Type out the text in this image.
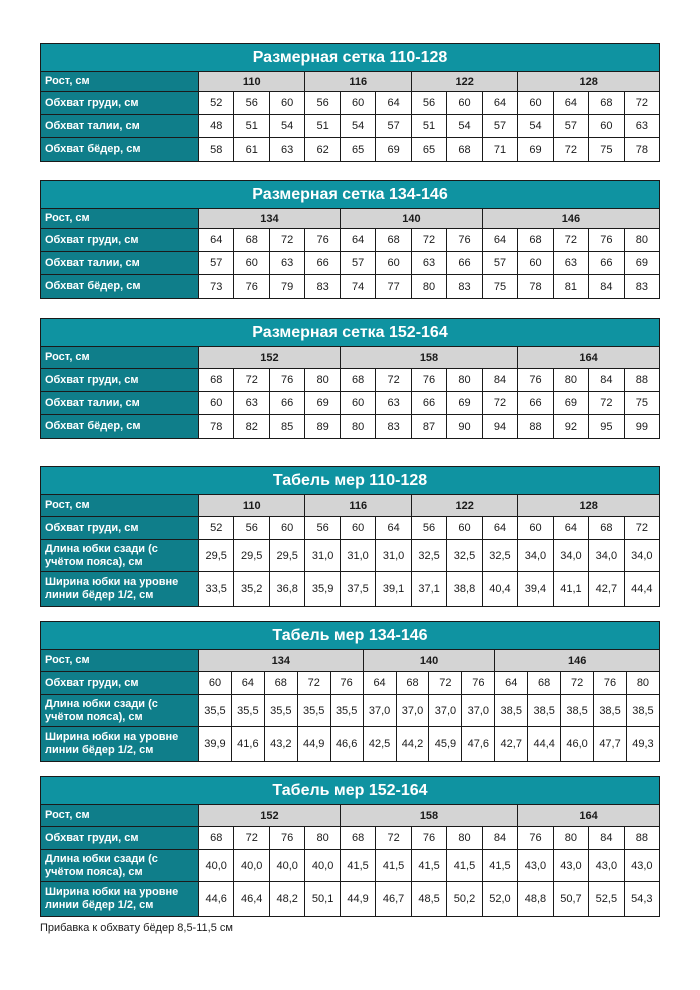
Размерная сетка 110-128
Рост, см	110	116	122	128
Обхват груди, см	52	56	60	56	60	64	56	60	64	60	64	68	72
Обхват талии, см	48	51	54	51	54	57	51	54	57	54	57	60	63
Обхват бёдер, см	58	61	63	62	65	69	65	68	71	69	72	75	78
Размерная сетка 134-146
Рост, см	134	140	146
Обхват груди, см	64	68	72	76	64	68	72	76	64	68	72	76	80
Обхват талии, см	57	60	63	66	57	60	63	66	57	60	63	66	69
Обхват бёдер, см	73	76	79	83	74	77	80	83	75	78	81	84	83
Размерная сетка 152-164
Рост, см	152	158	164
Обхват груди, см	68	72	76	80	68	72	76	80	84	76	80	84	88
Обхват талии, см	60	63	66	69	60	63	66	69	72	66	69	72	75
Обхват бёдер, см	78	82	85	89	80	83	87	90	94	88	92	95	99
Табель мер 110-128
Рост, см	110	116	122	128
Обхват груди, см	52	56	60	56	60	64	56	60	64	60	64	68	72
Длина юбки сзади (с учётом пояса), см	29,5	29,5	29,5	31,0	31,0	31,0	32,5	32,5	32,5	34,0	34,0	34,0	34,0
Ширина юбки на уровне линии бёдер 1/2, см	33,5	35,2	36,8	35,9	37,5	39,1	37,1	38,8	40,4	39,4	41,1	42,7	44,4
Табель мер 134-146
Рост, см	134	140	146
Обхват груди, см	60	64	68	72	76	64	68	72	76	64	68	72	76	80
Длина юбки сзади (с учётом пояса), см	35,5	35,5	35,5	35,5	35,5	37,0	37,0	37,0	37,0	38,5	38,5	38,5	38,5	38,5
Ширина юбки на уровне линии бёдер 1/2, см	39,9	41,6	43,2	44,9	46,6	42,5	44,2	45,9	47,6	42,7	44,4	46,0	47,7	49,3
Табель мер 152-164
Рост, см	152	158	164
Обхват груди, см	68	72	76	80	68	72	76	80	84	76	80	84	88
Длина юбки сзади (с учётом пояса), см	40,0	40,0	40,0	40,0	41,5	41,5	41,5	41,5	41,5	43,0	43,0	43,0	43,0
Ширина юбки на уровне линии бёдер 1/2, см	44,6	46,4	48,2	50,1	44,9	46,7	48,5	50,2	52,0	48,8	50,7	52,5	54,3
Прибавка к обхвату бёдер 8,5-11,5 см
